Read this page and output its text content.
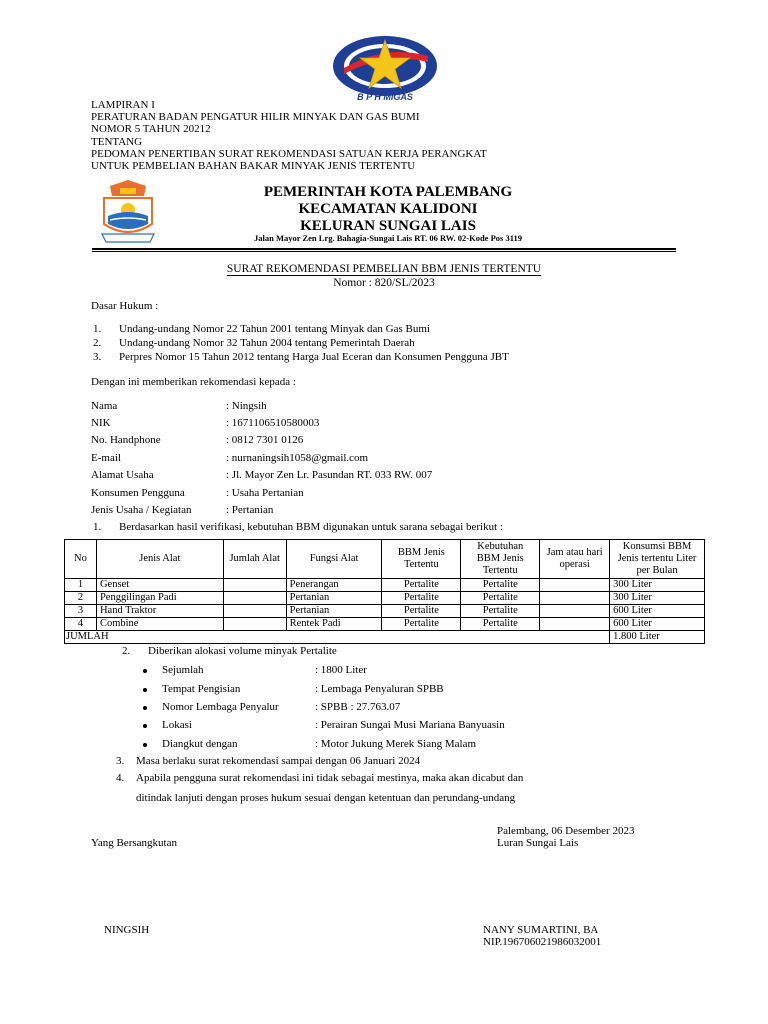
B P H MIGAS
LAMPIRAN I
PERATURAN BADAN PENGATUR HILIR MINYAK DAN GAS BUMI
NOMOR 5 TAHUN 20212
TENTANG
PEDOMAN PENERTIBAN SURAT REKOMENDASI SATUAN KERJA PERANGKAT
UNTUK PEMBELIAN BAHAN BAKAR MINYAK JENIS TERTENTU
PEMERINTAH KOTA PALEMBANG
KECAMATAN KALIDONI
KELURAN SUNGAI LAIS
Jalan Mayor Zen Lrg. Bahagia-Sungai Lais RT. 06 RW. 02-Kode Pos 3119
SURAT REKOMENDASI PEMBELIAN BBM JENIS TERTENTU
Nomor : 820/SL/2023
Dasar Hukum :
1. Undang-undang Nomor 22 Tahun 2001 tentang Minyak dan Gas Bumi
2. Undang-undang Nomor 32 Tahun 2004 tentang Pemerintah Daerah
3. Perpres Nomor 15 Tahun 2012 tentang Harga Jual Eceran dan Konsumen Pengguna JBT
Dengan ini memberikan rekomendasi kepada :
Nama	: Ningsih
NIK	: 1671106510580003
No. Handphone	: 0812 7301 0126
E-mail	: nurnaningsih1058@gmail.com
Alamat Usaha	: Jl. Mayor Zen Lr. Pasundan RT. 033 RW. 007
Konsumen Pengguna	: Usaha Pertanian
Jenis Usaha / Kegiatan	: Pertanian
1. Berdasarkan hasil verifikasi, kebutuhan BBM digunakan untuk sarana sebagai berikut :
No	Jenis Alat	Jumlah Alat	Fungsi Alat	BBM Jenis Tertentu	Kebutuhan BBM Jenis Tertentu	Jam atau hari operasi	Konsumsi BBM Jenis tertentu Liter per Bulan
1	Genset		Penerangan	Pertalite	Pertalite		300 Liter
2	Penggilingan Padi		Pertanian	Pertalite	Pertalite		300 Liter
3	Hand Traktor		Pertanian	Pertalite	Pertalite		600 Liter
4	Combine		Rentek Padi	Pertalite	Pertalite		600 Liter
JUMLAH							1.800 Liter
2. Diberikan alokasi volume minyak Pertalite
Sejumlah	: 1800 Liter
Tempat Pengisian	: Lembaga Penyaluran SPBB
Nomor Lembaga Penyalur	: SPBB : 27.763.07
Lokasi	: Perairan Sungai Musi Mariana Banyuasin
Diangkut dengan	: Motor Jukung Merek Siang Malam
3. Masa berlaku surat rekomendasi sampai dengan 06 Januari 2024
4. Apabila pengguna surat rekomendasi ini tidak sebagai mestinya, maka akan dicabut dan
ditindak lanjuti dengan proses hukum sesuai dengan ketentuan dan perundang-undang
Palembang, 06 Desember 2023
Luran Sungai Lais
Yang Bersangkutan
NINGSIH	NANY SUMARTINI, BA
NIP.196706021986032001
